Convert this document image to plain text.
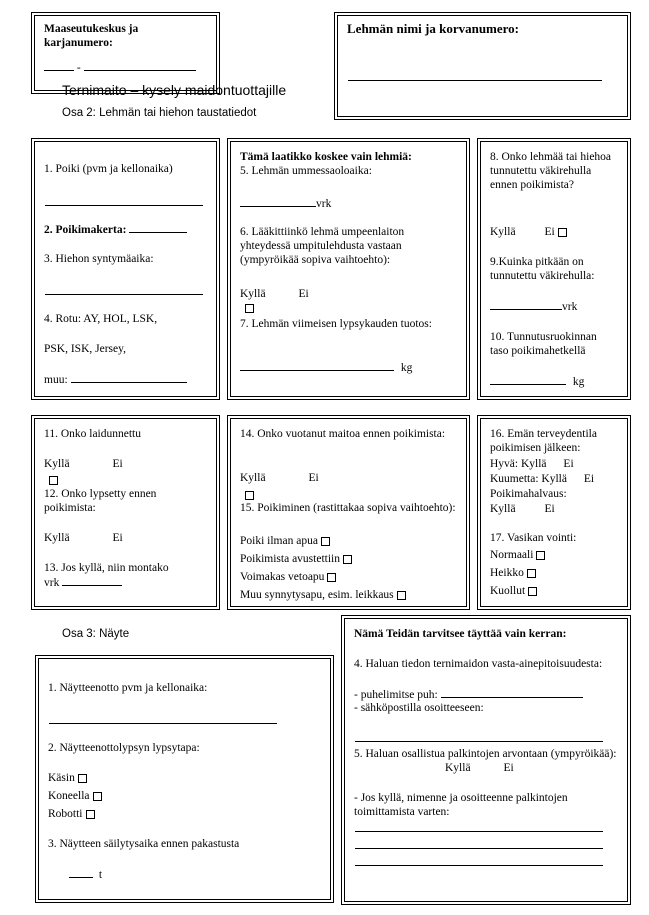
Maaseutukeskus ja karjanumero:

-

Lehmän nimi ja korvanumero:

Ternimaito – kysely maidontuottajille
Osa 2: Lehmän tai hiehon taustatiedot

1. Poiki (pvm ja kellonaika)

2. Poikimakerta:

3. Hiehon syntymäaika:

4. Rotu: AY, HOL, LSK,

PSK, ISK, Jersey,

muu:

Tämä laatikko koskee vain lehmiä:

5. Lehmän ummessaoloaika:

vrk

6. Lääkittiinkö lehmä umpeenlaiton yhteydessä umpitulehdusta vastaan (ympyröikää sopiva vaihtoehto):

Kyllä	Ei

7. Lehmän viimeisen lypsykauden tuotos:

kg

8. Onko lehmää tai hiehoa tunnutettu väkirehulla ennen poikimista?

Kyllä	Ei

9.Kuinka pitkään on tunnutettu väkirehulla:

vrk

10. Tunnutusruokinnan taso poikimahetkellä

kg

11. Onko laidunnettu

Kyllä	Ei

12. Onko lypsetty ennen poikimista:

Kyllä	Ei

13. Jos kyllä, niin montako

vrk

14. Onko vuotanut maitoa ennen poikimista:

Kyllä	Ei

15. Poikiminen (rastittakaa sopiva vaihtoehto):

Poiki ilman apua

Poikimista avustettiin

Voimakas vetoapu

Muu synnytysapu, esim. leikkaus

16. Emän terveydentila poikimisen jälkeen:

Hyvä: Kyllä Ei

Kuumetta: Kyllä Ei

Poikimahalvaus:

Kyllä	Ei

17. Vasikan vointi:

Normaali

Heikko

Kuollut

Osa 3: Näyte

1. Näytteenotto pvm ja kellonaika:

2. Näytteenottolypsyn lypsytapa:

Käsin

Koneella

Robotti

3. Näytteen säilytysaika ennen pakastusta

t

Nämä Teidän tarvitsee täyttää vain kerran:

4. Haluan tiedon ternimaidon vasta-ainepitoisuudesta:

- puhelimitse puh:

- sähköpostilla osoitteeseen:

5. Haluan osallistua palkintojen arvontaan (ympyröikää):

Kyllä	Ei

- Jos kyllä, nimenne ja osoitteenne palkintojen toimittamista varten:
